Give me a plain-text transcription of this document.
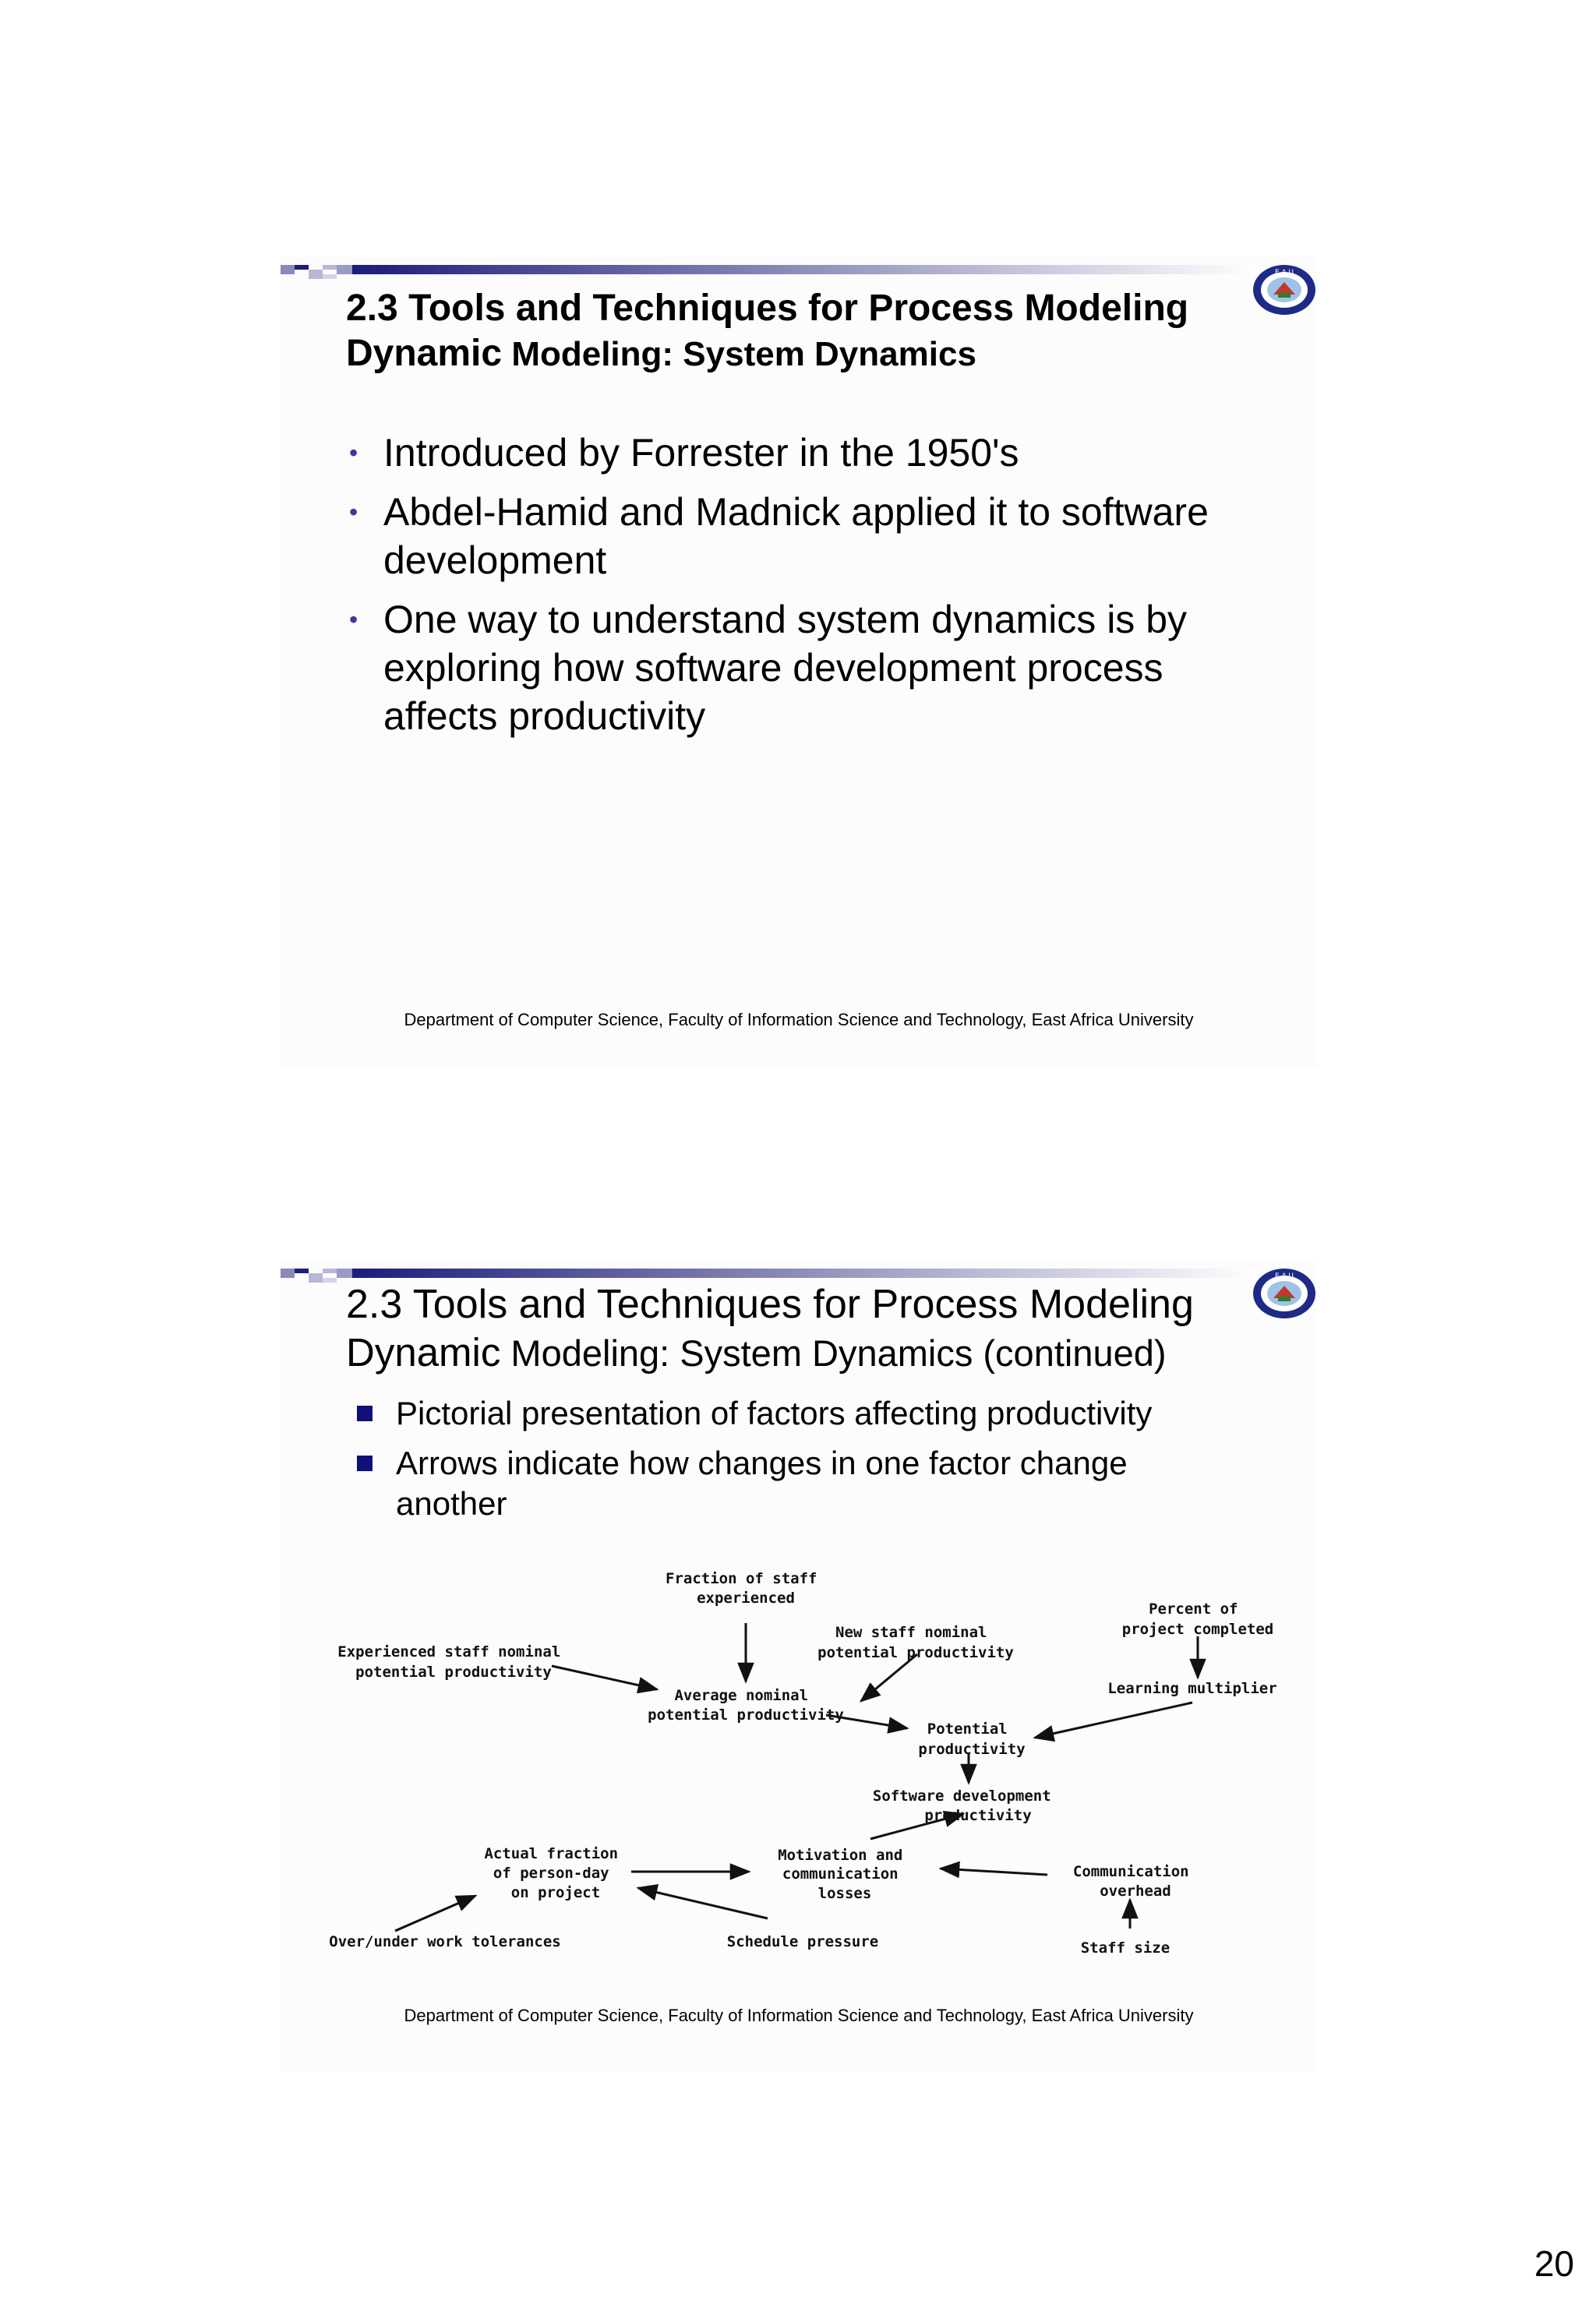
E.A.U
2.3 Tools and Techniques for Process Modeling
Dynamic Modeling: System Dynamics
• Introduced by Forrester in the 1950's
• Abdel-Hamid and Madnick applied it to software development
• One way to understand system dynamics is by exploring how software development process affects productivity
Department of Computer Science, Faculty of Information Science and Technology, East Africa University
E.A.U
2.3 Tools and Techniques for Process Modeling
Dynamic Modeling: System Dynamics (continued)
Pictorial presentation of factors affecting productivity
Arrows indicate how changes in one factor change another
Fraction of staff experienced
Percent of project completed
New staff nominal potential productivity
Experienced staff nominal potential productivity
Learning multiplier
Average nominal potential productivity
Potential productivity
Software development productivity
Actual fraction of person-day on project
Motivation and communication losses
Communication overhead
Over/under work tolerances	Schedule pressure	Staff size
Department of Computer Science, Faculty of Information Science and Technology, East Africa University
20
